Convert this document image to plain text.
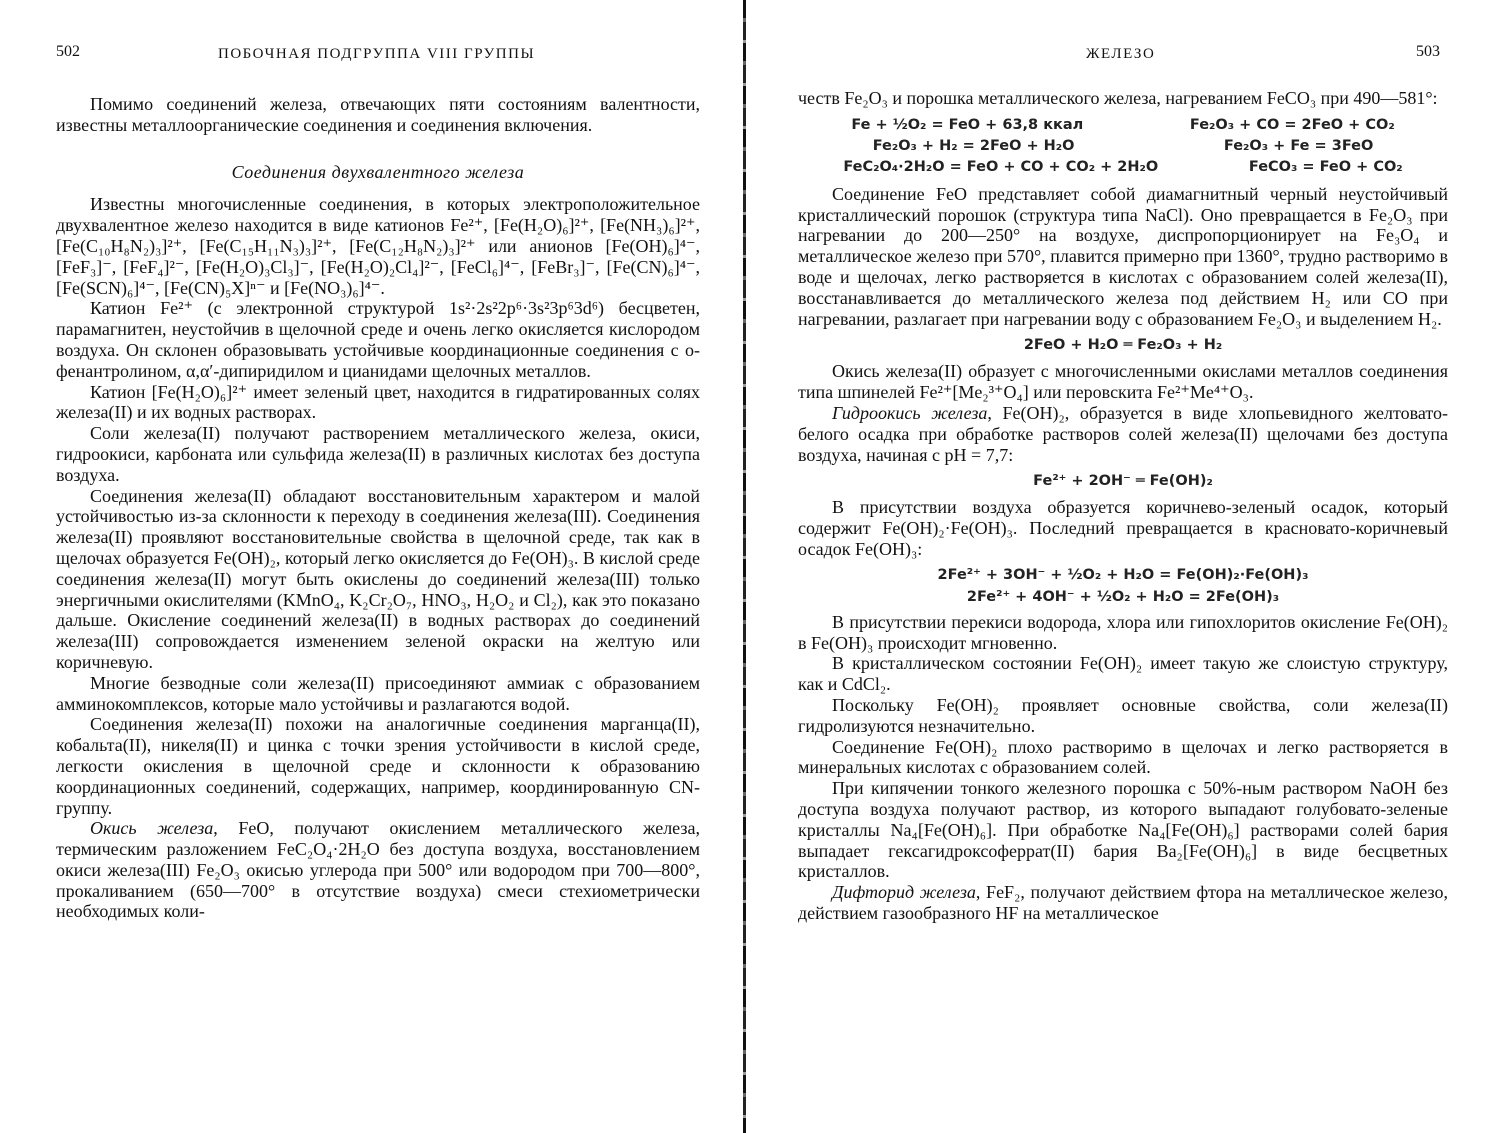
502	ПОБОЧНАЯ ПОДГРУППА VIII ГРУППЫ

Помимо соединений железа, отвечающих пяти состояниям валентности, известны металлоорганические соединения и соединения включения.

Соединения двухвалентного железа

Известны многочисленные соединения, в которых электроположительное двухвалентное железо находится в виде катионов Fe²⁺, [Fe(H₂O)₆]²⁺, [Fe(NH₃)₆]²⁺, [Fe(C₁₀H₈N₂)₃]²⁺, [Fe(C₁₅H₁₁N₃)₃]²⁺, [Fe(C₁₂H₈N₂)₃]²⁺ или анионов [Fe(OH)₆]⁴⁻, [FeF₃]⁻, [FeF₄]²⁻, [Fe(H₂O)₃Cl₃]⁻, [Fe(H₂O)₂Cl₄]²⁻, [FeCl₆]⁴⁻, [FeBr₃]⁻, [Fe(CN)₆]⁴⁻, [Fe(SCN)₆]⁴⁻, [Fe(CN)₅X]ⁿ⁻ и [Fe(NO₃)₆]⁴⁻.

Катион Fe²⁺ (с электронной структурой 1s²·2s²2p⁶·3s²3p⁶3d⁶) бесцветен, парамагнитен, неустойчив в щелочной среде и очень легко окисляется кислородом воздуха. Он склонен образовывать устойчивые координационные соединения с о-фенантролином, α,α′-дипиридилом и цианидами щелочных металлов.

Катион [Fe(H₂O)₆]²⁺ имеет зеленый цвет, находится в гидратированных солях железа(II) и их водных растворах.

Соли железа(II) получают растворением металлического железа, окиси, гидроокиси, карбоната или сульфида железа(II) в различных кислотах без доступа воздуха.

Соединения железа(II) обладают восстановительным характером и малой устойчивостью из-за склонности к переходу в соединения железа(III). Соединения железа(II) проявляют восстановительные свойства в щелочной среде, так как в щелочах образуется Fe(OH)₂, который легко окисляется до Fe(OH)₃. В кислой среде соединения железа(II) могут быть окислены до соединений железа(III) только энергичными окислителями (KMnO₄, K₂Cr₂O₇, HNO₃, H₂O₂ и Cl₂), как это показано дальше. Окисление соединений железа(II) в водных растворах до соединений железа(III) сопровождается изменением зеленой окраски на желтую или коричневую.

Многие безводные соли железа(II) присоединяют аммиак с образованием амминокомплексов, которые мало устойчивы и разлагаются водой.

Соединения железа(II) похожи на аналогичные соединения марганца(II), кобальта(II), никеля(II) и цинка с точки зрения устойчивости в кислой среде, легкости окисления в щелочной среде и склонности к образованию координационных соединений, содержащих, например, координированную CN-группу.

Окись железа, FeO, получают окислением металлического железа, термическим разложением FeC₂O₄·2H₂O без доступа воздуха, восстановлением окиси железа(III) Fe₂O₃ окисью углерода при 500° или водородом при 700—800°, прокаливанием (650—700° в отсутствие воздуха) смеси стехиометрически необходимых коли-

ЖЕЛЕЗО	503

честв Fe₂O₃ и порошка металлического железа, нагреванием FeCO₃ при 490—581°:

Fe + ½O₂ = FeO + 63,8 ккал	Fe₂O₃ + CO = 2FeO + CO₂
Fe₂O₃ + H₂ = 2FeO + H₂O	Fe₂O₃ + Fe = 3FeO
FeC₂O₄·2H₂O = FeO + CO + CO₂ + 2H₂O	FeCO₃ = FeO + CO₂

Соединение FeO представляет собой диамагнитный черный неустойчивый кристаллический порошок (структура типа NaCl). Оно превращается в Fe₂O₃ при нагревании до 200—250° на воздухе, диспропорционирует на Fe₃O₄ и металлическое железо при 570°, плавится примерно при 1360°, трудно растворимо в воде и щелочах, легко растворяется в кислотах с образованием солей железа(II), восстанавливается до металлического железа под действием H₂ или CO при нагревании, разлагает при нагревании воду с образованием Fe₂O₃ и выделением H₂.

2FeO + H₂O ═ Fe₂O₃ + H₂

Окись железа(II) образует с многочисленными окислами металлов соединения типа шпинелей Fe²⁺[Me₂³⁺O₄] или перовскита Fe²⁺Me⁴⁺O₃.

Гидроокись железа, Fe(OH)₂, образуется в виде хлопьевидного желтовато-белого осадка при обработке растворов солей железа(II) щелочами без доступа воздуха, начиная с pH = 7,7:

Fe²⁺ + 2OH⁻ ═ Fe(OH)₂

В присутствии воздуха образуется коричнево-зеленый осадок, который содержит Fe(OH)₂·Fe(OH)₃. Последний превращается в красновато-коричневый осадок Fe(OH)₃:

2Fe²⁺ + 3OH⁻ + ½O₂ + H₂O = Fe(OH)₂·Fe(OH)₃
2Fe²⁺ + 4OH⁻ + ½O₂ + H₂O = 2Fe(OH)₃

В присутствии перекиси водорода, хлора или гипохлоритов окисление Fe(OH)₂ в Fe(OH)₃ происходит мгновенно.

В кристаллическом состоянии Fe(OH)₂ имеет такую же слоистую структуру, как и CdCl₂.

Поскольку Fe(OH)₂ проявляет основные свойства, соли железа(II) гидролизуются незначительно.

Соединение Fe(OH)₂ плохо растворимо в щелочах и легко растворяется в минеральных кислотах с образованием солей.

При кипячении тонкого железного порошка с 50%-ным раствором NaOH без доступа воздуха получают раствор, из которого выпадают голубовато-зеленые кристаллы Na₄[Fe(OH)₆]. При обработке Na₄[Fe(OH)₆] растворами солей бария выпадает гексагидроксоферрат(II) бария Ba₂[Fe(OH)₆] в виде бесцветных кристаллов.

Дифторид железа, FeF₂, получают действием фтора на металлическое железо, действием газообразного HF на металлическое
